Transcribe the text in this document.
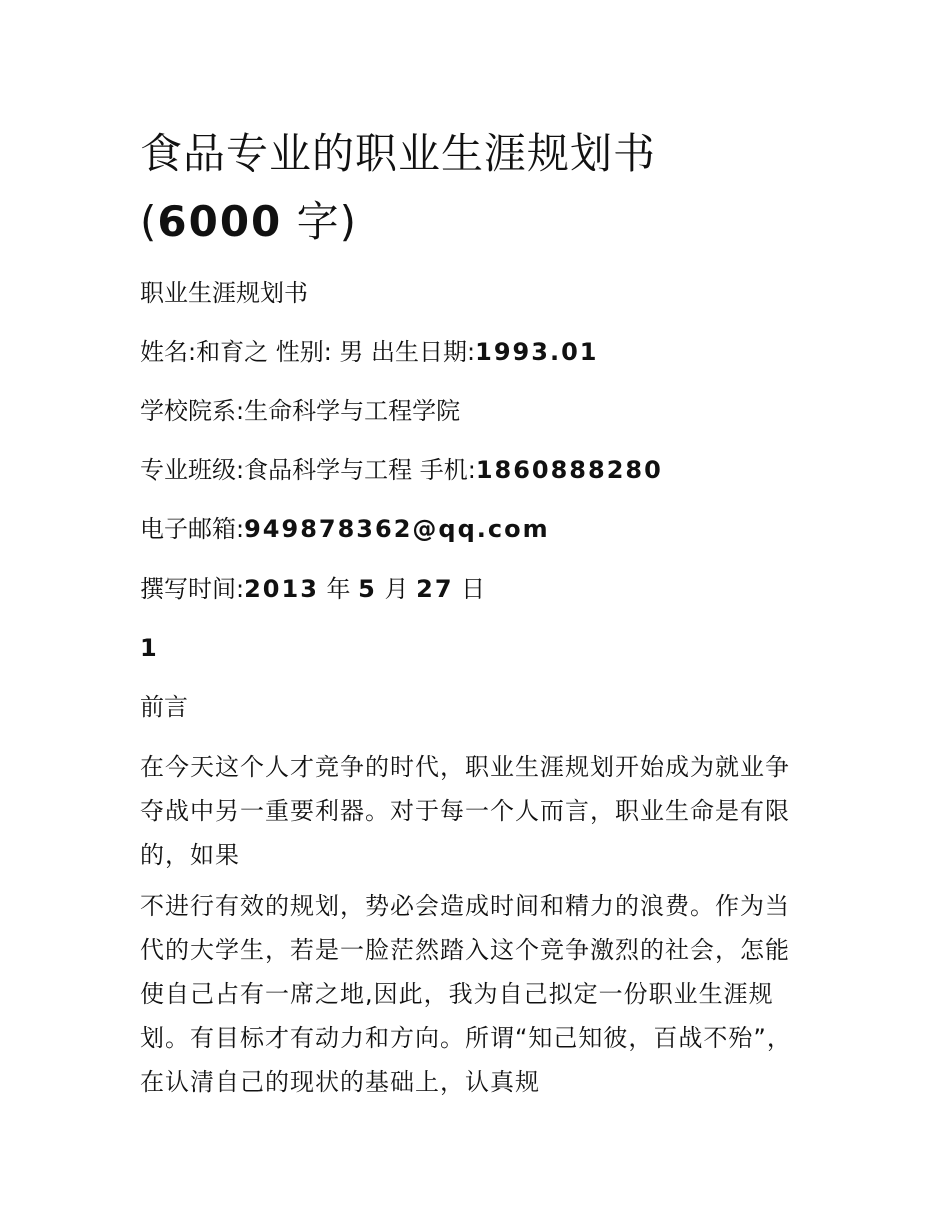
食品专业的职业生涯规划书
(6000 字)
职业生涯规划书
姓名:和育之 性别: 男 出生日期:1993.01
学校院系:生命科学与工程学院
专业班级:食品科学与工程 手机:1860888280
电子邮箱:949878362@qq.com
撰写时间:2013 年 5 月 27 日
1
前言
在今天这个人才竞争的时代，职业生涯规划开始成为就业争夺战中另一重要利器。对于每一个人而言，职业生命是有限的，如果
不进行有效的规划，势必会造成时间和精力的浪费。作为当代的大学生，若是一脸茫然踏入这个竞争激烈的社会，怎能使自己占有一席之地,因此，我为自己拟定一份职业生涯规划。有目标才有动力和方向。所谓“知己知彼，百战不殆”，在认清自己的现状的基础上，认真规
